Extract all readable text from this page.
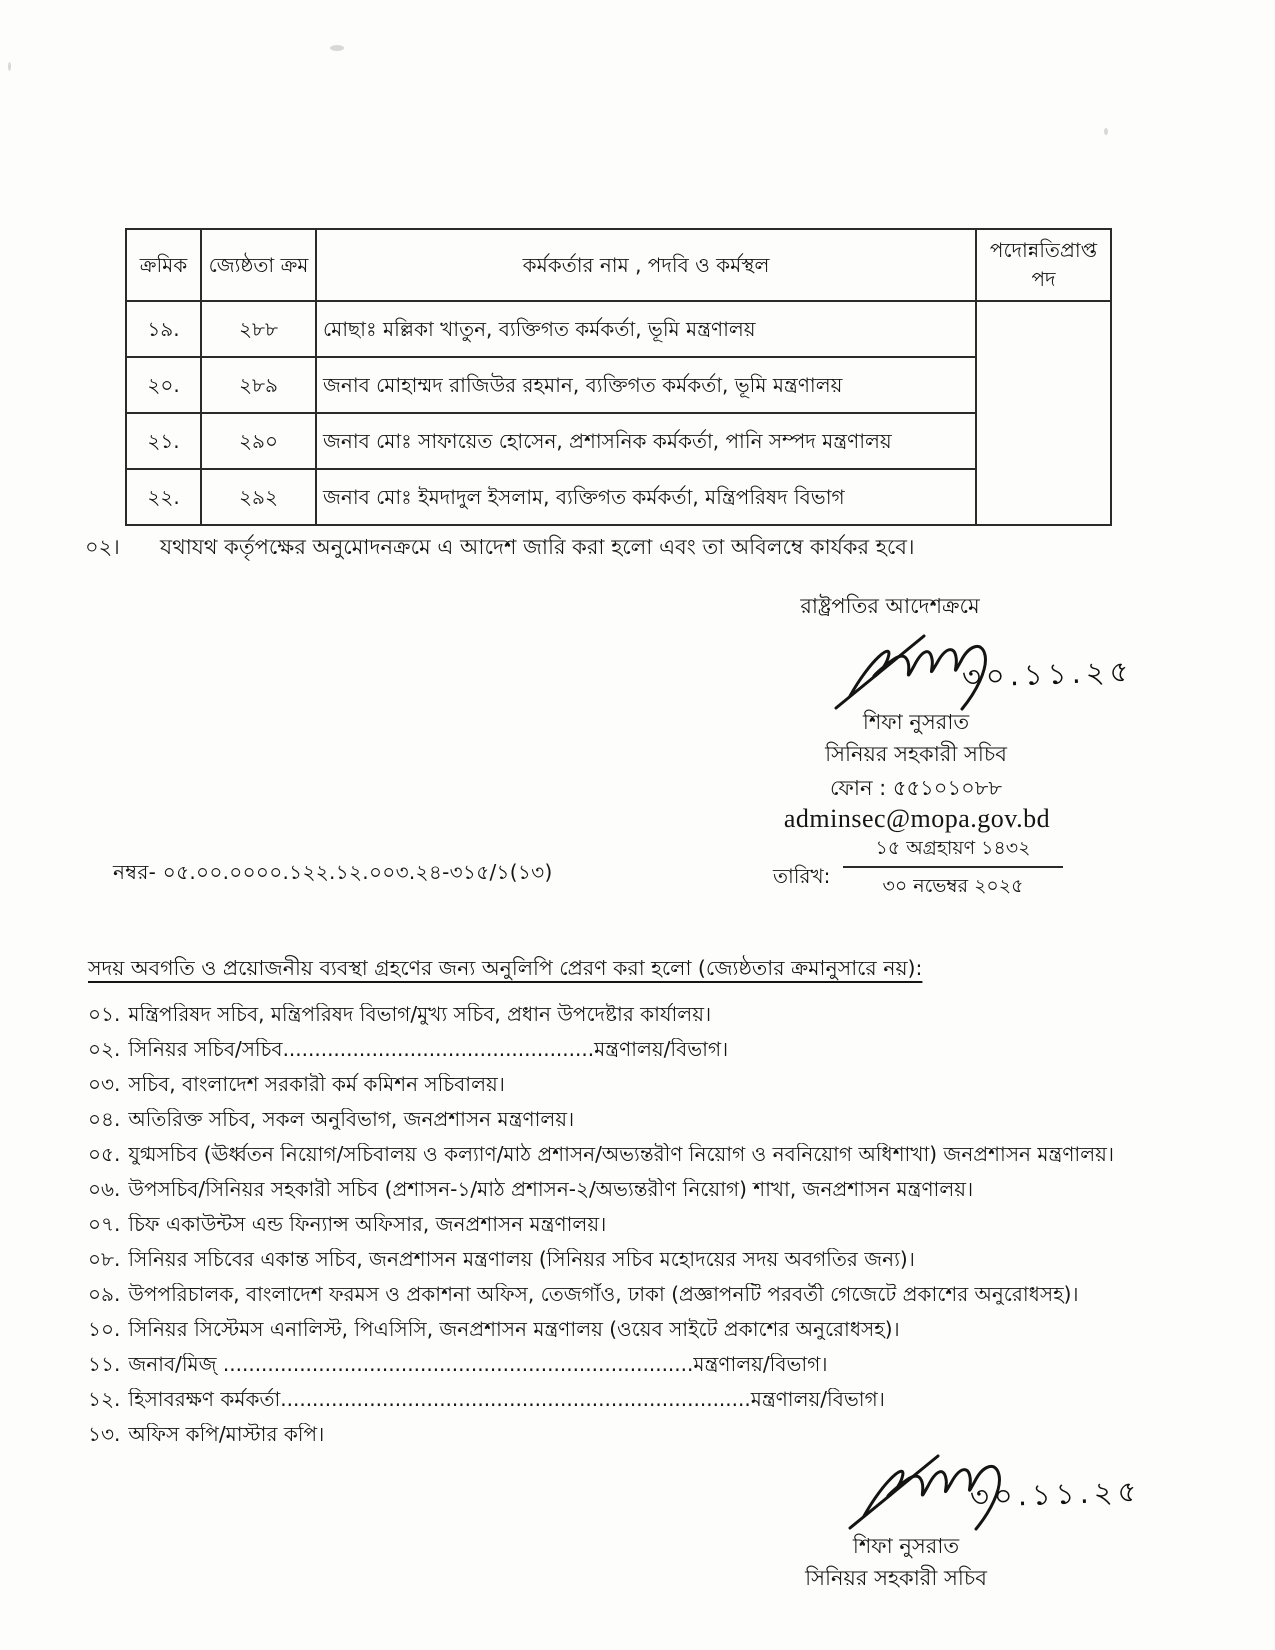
ক্রমিক	জ্যেষ্ঠতা ক্রম	কর্মকর্তার নাম , পদবি ও কর্মস্থল	পদোন্নতিপ্রাপ্ত পদ
১৯.	২৮৮	মোছাঃ মল্লিকা খাতুন, ব্যক্তিগত কর্মকর্তা, ভূমি মন্ত্রণালয়	
২০.	২৮৯	জনাব মোহাম্মদ রাজিউর রহমান, ব্যক্তিগত কর্মকর্তা, ভূমি মন্ত্রণালয়	
২১.	২৯০	জনাব মোঃ সাফায়েত হোসেন, প্রশাসনিক কর্মকর্তা, পানি সম্পদ মন্ত্রণালয়	
২২.	২৯২	জনাব মোঃ ইমদাদুল ইসলাম, ব্যক্তিগত কর্মকর্তা, মন্ত্রিপরিষদ বিভাগ	
০২।	যথাযথ কর্তৃপক্ষের অনুমোদনক্রমে এ আদেশ জারি করা হলো এবং তা অবিলম্বে কার্যকর হবে।
রাষ্ট্রপতির আদেশক্রমে
৩০.১১.২৫
শিফা নুসরাত
সিনিয়র সহকারী সচিব
ফোন : ৫৫১০১০৮৮
adminsec@mopa.gov.bd
নম্বর- ০৫.০০.০০০০.১২২.১২.০০৩.২৪-৩১৫/১(১৩)	তারিখ:
১৫ অগ্রহায়ণ ১৪৩২
৩০ নভেম্বর ২০২৫
সদয় অবগতি ও প্রয়োজনীয় ব্যবস্থা গ্রহণের জন্য অনুলিপি প্রেরণ করা হলো (জ্যেষ্ঠতার ক্রমানুসারে নয়):
০১. মন্ত্রিপরিষদ সচিব, মন্ত্রিপরিষদ বিভাগ/মুখ্য সচিব, প্রধান উপদেষ্টার কার্যালয়।
০২. সিনিয়র সচিব/সচিব.................................................মন্ত্রণালয়/বিভাগ।
০৩. সচিব, বাংলাদেশ সরকারী কর্ম কমিশন সচিবালয়।
০৪. অতিরিক্ত সচিব, সকল অনুবিভাগ, জনপ্রশাসন মন্ত্রণালয়।
০৫. যুগ্মসচিব (ঊর্ধ্বতন নিয়োগ/সচিবালয় ও কল্যাণ/মাঠ প্রশাসন/অভ্যন্তরীণ নিয়োগ ও নবনিয়োগ অধিশাখা) জনপ্রশাসন মন্ত্রণালয়।
০৬. উপসচিব/সিনিয়র সহকারী সচিব (প্রশাসন-১/মাঠ প্রশাসন-২/অভ্যন্তরীণ নিয়োগ) শাখা, জনপ্রশাসন মন্ত্রণালয়।
০৭. চিফ একাউন্টস এন্ড ফিন্যান্স অফিসার, জনপ্রশাসন মন্ত্রণালয়।
০৮. সিনিয়র সচিবের একান্ত সচিব, জনপ্রশাসন মন্ত্রণালয় (সিনিয়র সচিব মহোদয়ের সদয় অবগতির জন্য)।
০৯. উপপরিচালক, বাংলাদেশ ফরমস ও প্রকাশনা অফিস, তেজগাঁও, ঢাকা (প্রজ্ঞাপনটি পরবর্তী গেজেটে প্রকাশের অনুরোধসহ)।
১০. সিনিয়র সিস্টেমস এনালিস্ট, পিএসিসি, জনপ্রশাসন মন্ত্রণালয় (ওয়েব সাইটে প্রকাশের অনুরোধসহ)।
১১. জনাব/মিজ্ ..........................................................................মন্ত্রণালয়/বিভাগ।
১২. হিসাবরক্ষণ কর্মকর্তা..........................................................................মন্ত্রণালয়/বিভাগ।
১৩. অফিস কপি/মাস্টার কপি।
৩০.১১.২৫
শিফা নুসরাত
সিনিয়র সহকারী সচিব
